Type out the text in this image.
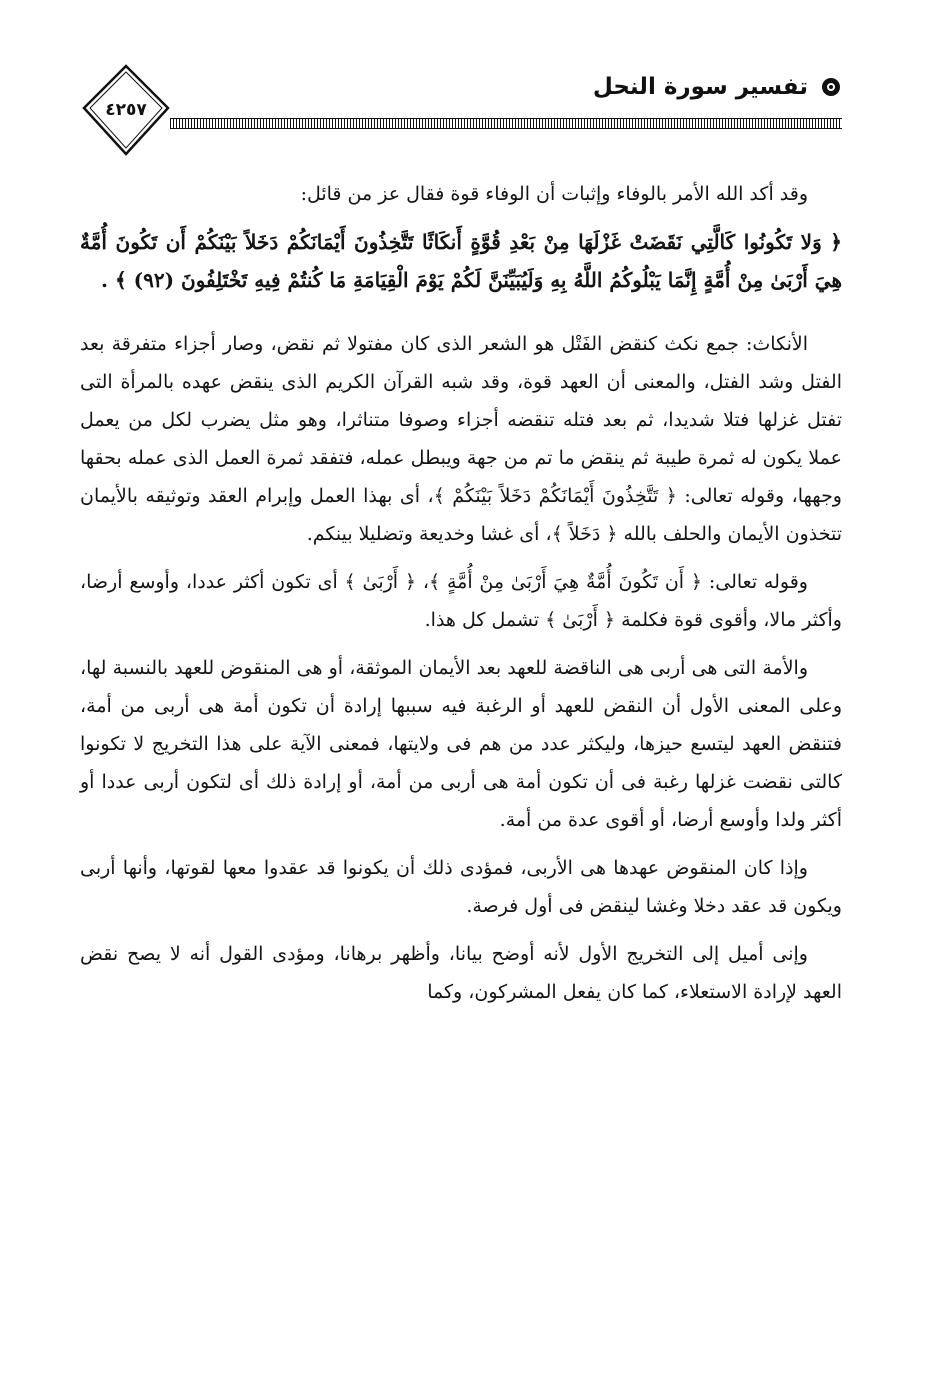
تفسير سورة النحل
٤٢٥٧

وقد أكد الله الأمر بالوفاء وإثبات أن الوفاء قوة فقال عز من قائل:

﴿ وَلا تَكُونُوا كَالَّتِي نَقَضَتْ غَزْلَهَا مِنْ بَعْدِ قُوَّةٍ أَنكَاثًا تَتَّخِذُونَ أَيْمَانَكُمْ دَخَلاً بَيْنَكُمْ أَن تَكُونَ أُمَّةٌ هِيَ أَرْبَىٰ مِنْ أُمَّةٍ إِنَّمَا يَبْلُوكُمُ اللَّهُ بِهِ وَلَيُبَيِّنَنَّ لَكُمْ يَوْمَ الْقِيَامَةِ مَا كُنتُمْ فِيهِ تَخْتَلِفُونَ (٩٢) ﴾ .

الأنكاث: جمع نكث كنقض الفَتْل هو الشعر الذى كان مفتولا ثم نقض، وصار أجزاء متفرقة بعد الفتل وشد الفتل، والمعنى أن العهد قوة، وقد شبه القرآن الكريم الذى ينقض عهده بالمرأة التى تفتل غزلها فتلا شديدا، ثم بعد فتله تنقضه أجزاء وصوفا متناثرا، وهو مثل يضرب لكل من يعمل عملا يكون له ثمرة طيبة ثم ينقض ما تم من جهة ويبطل عمله، فتفقد ثمرة العمل الذى عمله بحقها وجهها، وقوله تعالى: ﴿ تَتَّخِذُونَ أَيْمَانَكُمْ دَخَلاً بَيْنَكُمْ ﴾، أى بهذا العمل وإبرام العقد وتوثيقه بالأيمان تتخذون الأيمان والحلف بالله ﴿ دَخَلاً ﴾، أى غشا وخديعة وتضليلا بينكم.

وقوله تعالى: ﴿ أَن تَكُونَ أُمَّةٌ هِيَ أَرْبَىٰ مِنْ أُمَّةٍ ﴾، ﴿ أَرْبَىٰ ﴾ أى تكون أكثر عددا، وأوسع أرضا، وأكثر مالا، وأقوى قوة فكلمة ﴿ أَرْبَىٰ ﴾ تشمل كل هذا.

والأمة التى هى أربى هى الناقضة للعهد بعد الأيمان الموثقة، أو هى المنقوض للعهد بالنسبة لها، وعلى المعنى الأول أن النقض للعهد أو الرغبة فيه سببها إرادة أن تكون أمة هى أربى من أمة، فتنقض العهد ليتسع حيزها، وليكثر عدد من هم فى ولايتها، فمعنى الآية على هذا التخريج لا تكونوا كالتى نقضت غزلها رغبة فى أن تكون أمة هى أربى من أمة، أو إرادة ذلك أى لتكون أربى عددا أو أكثر ولدا وأوسع أرضا، أو أقوى عدة من أمة.

وإذا كان المنقوض عهدها هى الأربى، فمؤدى ذلك أن يكونوا قد عقدوا معها لقوتها، وأنها أربى ويكون قد عقد دخلا وغشا لينقض فى أول فرصة.

وإنى أميل إلى التخريج الأول لأنه أوضح بيانا، وأظهر برهانا، ومؤدى القول أنه لا يصح نقض العهد لإرادة الاستعلاء، كما كان يفعل المشركون، وكما
